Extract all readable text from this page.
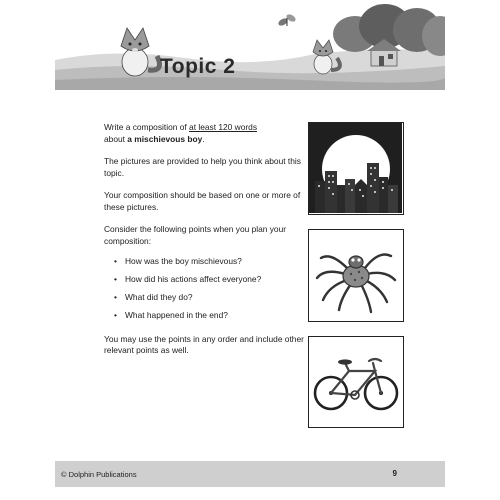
Topic 2

Write a composition of at least 120 words
about a mischievous boy.

The pictures are provided to help you think about this topic.

Your composition should be based on one or more of these pictures.

Consider the following points when you plan your composition:

• How was the boy mischievous?
• How did his actions affect everyone?
• What did they do?
• What happened in the end?

You may use the points in any order and include other relevant points as well.

© Dolphin Publications	9
